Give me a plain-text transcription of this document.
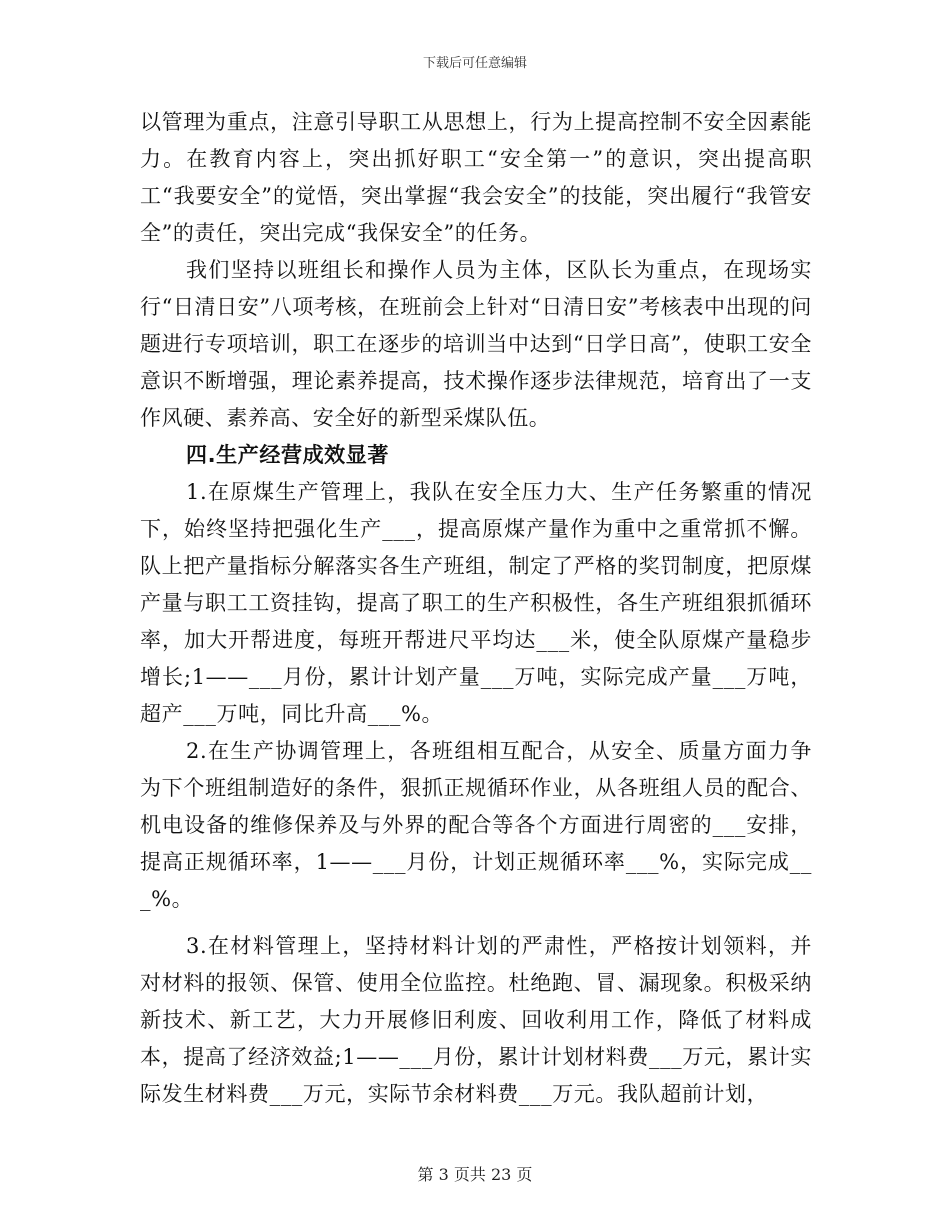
下载后可任意编辑

以管理为重点，注意引导职工从思想上，行为上提高控制不安全因素能力。在教育内容上，突出抓好职工“安全第一”的意识，突出提高职工“我要安全”的觉悟，突出掌握“我会安全”的技能，突出履行“我管安全”的责任，突出完成“我保安全”的任务。

我们坚持以班组长和操作人员为主体，区队长为重点，在现场实行“日清日安”八项考核，在班前会上针对“日清日安”考核表中出现的问题进行专项培训，职工在逐步的培训当中达到“日学日高”，使职工安全意识不断增强，理论素养提高，技术操作逐步法律规范，培育出了一支作风硬、素养高、安全好的新型采煤队伍。

四.生产经营成效显著

1.在原煤生产管理上，我队在安全压力大、生产任务繁重的情况下，始终坚持把强化生产___，提高原煤产量作为重中之重常抓不懈。队上把产量指标分解落实各生产班组，制定了严格的奖罚制度，把原煤产量与职工工资挂钩，提高了职工的生产积极性，各生产班组狠抓循环率，加大开帮进度，每班开帮进尺平均达___米，使全队原煤产量稳步增长;1——___月份，累计计划产量___万吨，实际完成产量___万吨，超产___万吨，同比升高___%。

2.在生产协调管理上，各班组相互配合，从安全、质量方面力争为下个班组制造好的条件，狠抓正规循环作业，从各班组人员的配合、机电设备的维修保养及与外界的配合等各个方面进行周密的___安排，提高正规循环率，1——___月份，计划正规循环率___%，实际完成___%。

3.在材料管理上，坚持材料计划的严肃性，严格按计划领料，并对材料的报领、保管、使用全位监控。杜绝跑、冒、漏现象。积极采纳新技术、新工艺，大力开展修旧利废、回收利用工作，降低了材料成本，提高了经济效益;1——___月份，累计计划材料费___万元，累计实际发生材料费___万元，实际节余材料费___万元。我队超前计划，

第 3 页共 23 页
